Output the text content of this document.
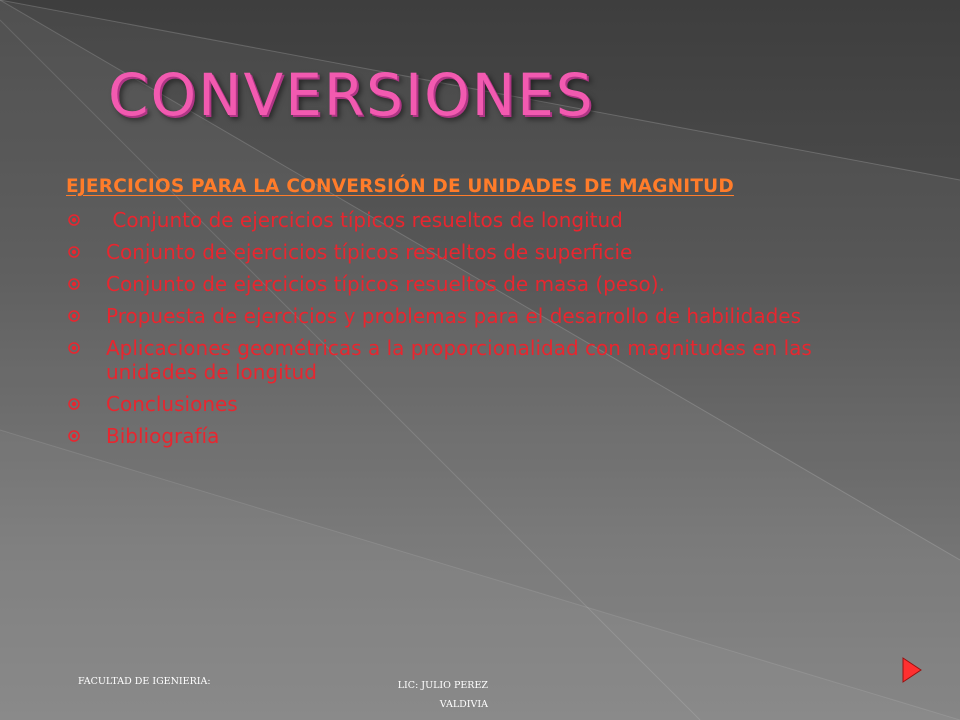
CONVERSIONES
EJERCICIOS PARA LA CONVERSIÓN DE UNIDADES DE MAGNITUD
Conjunto de ejercicios típicos resueltos de longitud
Conjunto de ejercicios típicos resueltos de superficie
Conjunto de ejercicios típicos resueltos de masa (peso).
Propuesta de ejercicios y problemas para el desarrollo de habilidades
Aplicaciones geométricas a la proporcionalidad con magnitudes en las unidades de longitud
Conclusiones
Bibliografía
FACULTAD DE IGENIERIA:	LIC: JULIO PEREZ VALDIVIA
